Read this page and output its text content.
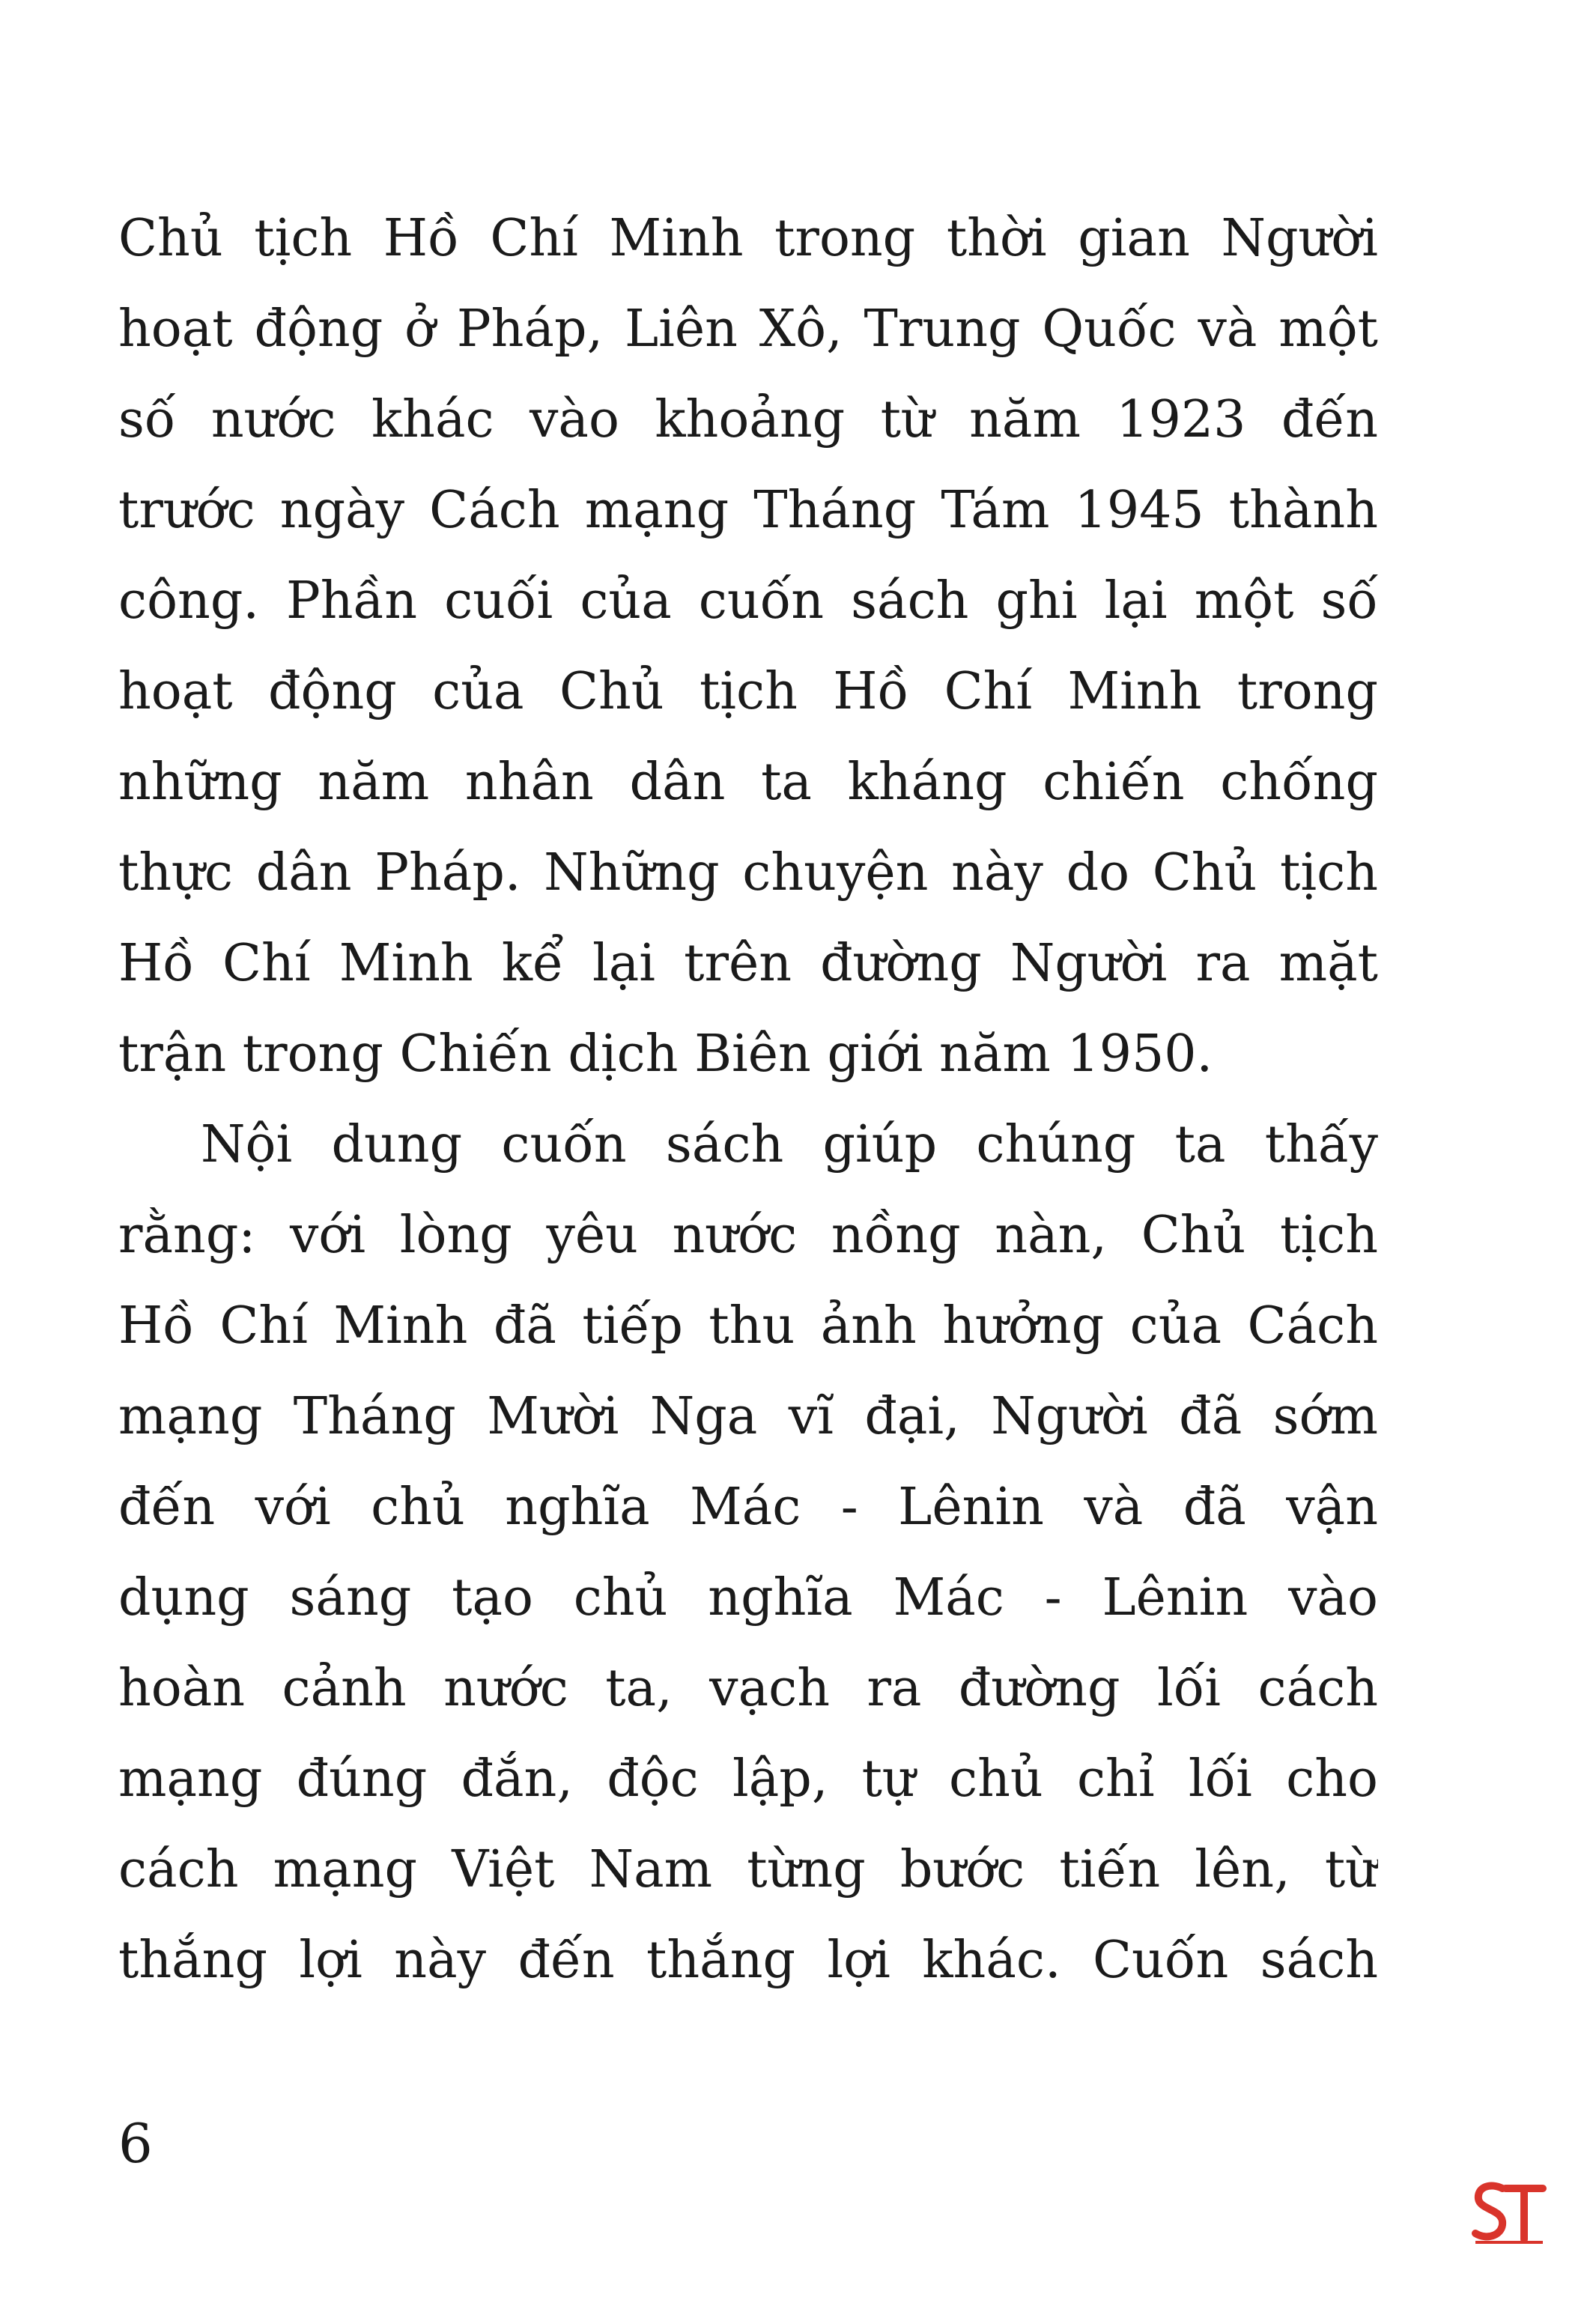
Chủ tịch Hồ Chí Minh trong thời gian Người
hoạt động ở Pháp, Liên Xô, Trung Quốc và một
số nước khác vào khoảng từ năm 1923 đến
trước ngày Cách mạng Tháng Tám 1945 thành
công. Phần cuối của cuốn sách ghi lại một số
hoạt động của Chủ tịch Hồ Chí Minh trong
những năm nhân dân ta kháng chiến chống
thực dân Pháp. Những chuyện này do Chủ tịch
Hồ Chí Minh kể lại trên đường Người ra mặt
trận trong Chiến dịch Biên giới năm 1950.
Nội dung cuốn sách giúp chúng ta thấy
rằng: với lòng yêu nước nồng nàn, Chủ tịch
Hồ Chí Minh đã tiếp thu ảnh hưởng của Cách
mạng Tháng Mười Nga vĩ đại, Người đã sớm
đến với chủ nghĩa Mác - Lênin và đã vận
dụng sáng tạo chủ nghĩa Mác - Lênin vào
hoàn cảnh nước ta, vạch ra đường lối cách
mạng đúng đắn, độc lập, tự chủ chỉ lối cho
cách mạng Việt Nam từng bước tiến lên, từ
thắng lợi này đến thắng lợi khác. Cuốn sách
6
